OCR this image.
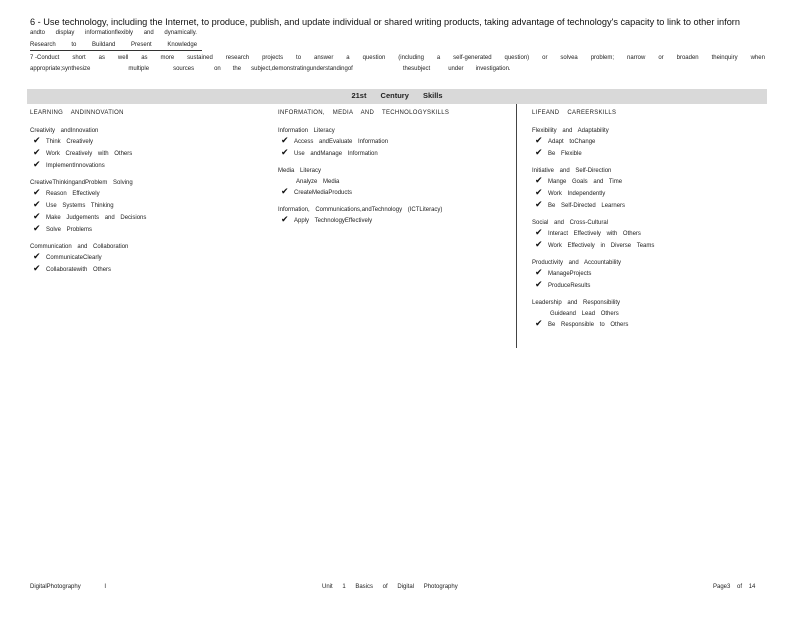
6 - Use technology, including the Internet, to produce, publish, and update individual or shared writing products, taking advantage of technology's capacity to link to other inforn
andto display informationflexibly and dynamically.
Research to Buildand Present Knowledge
7 -Conduct short as well as more sustained research projects to answer a question (including a self-generated question) or solvea problem; narrow or broaden theinquiry when
appropriate;synthesize	multiple	sources	on the subject,demonstratingunderstandingof	thesubject	under investigation.
21st Century Skills
LEARNING ANDINNOVATION
Creativity andInnovation
✔ Think Creatively
✔ Work Creatively with Others
✔ ImplementInnovations
CreativeThinkingandProblem Solving
✔ Reason Effectively
✔ Use Systems Thinking
✔ Make Judgements and Decisions
✔ Solve Problems
Communication and Collaboration
✔ CommunicateClearly
✔ Collaboratewith Others
INFORMATION, MEDIA AND TECHNOLOGYSKILLS
Information Literacy
✔ Access andEvaluate Information
✔ Use andManage Information
Media Literacy
Analyze Media
✔ CreateMediaProducts
Information, Communications,andTechnology (ICTLiteracy)
✔ Apply TechnologyEffectively
LIFEAND CAREERSKILLS
Flexibility and Adaptability
✔ Adapt toChange
✔ Be Flexible
Initiative and Self-Direction
✔ Mange Goals and Time
✔ Work Independently
✔ Be Self-Directed Learners
Social and Cross-Cultural
✔ Interact Effectively with Others
✔ Work Effectively in Diverse Teams
Productivity and Accountability
✔ ManageProjects
✔ ProduceResults
Leadership and Responsibility
Guideand Lead Others
✔ Be Responsible to Others
DigitalPhotography I	Unit 1 Basics of Digital Photography	Page3 of 14
